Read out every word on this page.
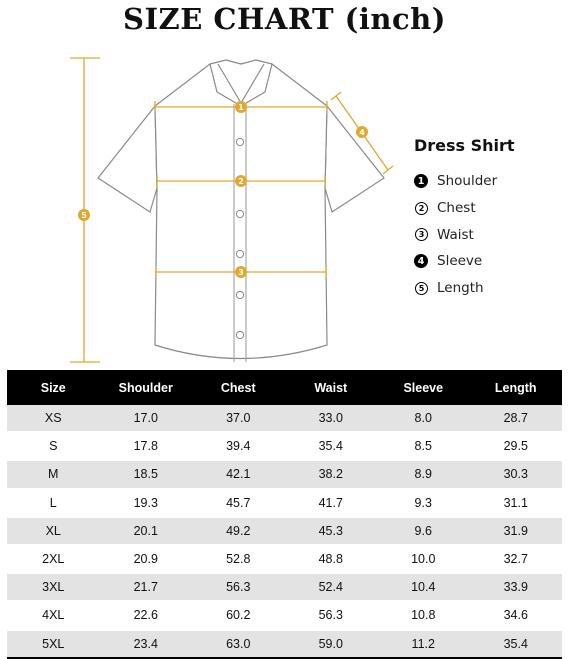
SIZE CHART (inch)
1
2
3
4
5
Dress Shirt
1 Shoulder
2 Chest
3 Waist
4 Sleeve
5 Length
Size	Shoulder	Chest	Waist	Sleeve	Length
XS	17.0	37.0	33.0	8.0	28.7
S	17.8	39.4	35.4	8.5	29.5
M	18.5	42.1	38.2	8.9	30.3
L	19.3	45.7	41.7	9.3	31.1
XL	20.1	49.2	45.3	9.6	31.9
2XL	20.9	52.8	48.8	10.0	32.7
3XL	21.7	56.3	52.4	10.4	33.9
4XL	22.6	60.2	56.3	10.8	34.6
5XL	23.4	63.0	59.0	11.2	35.4
